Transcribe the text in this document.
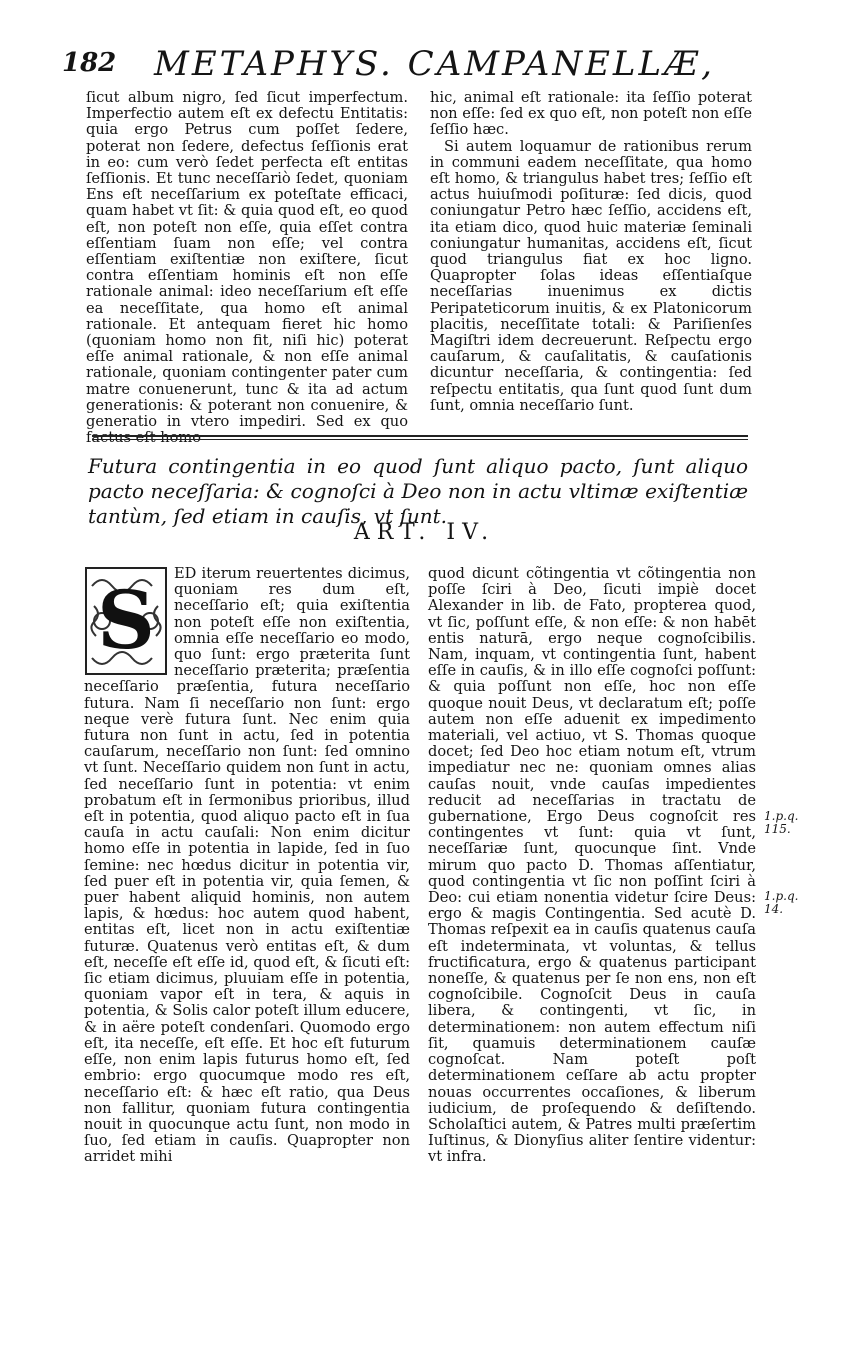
182 METAPHYS. CAMPANELLÆ,

ſicut album nigro, ſed ſicut imperfectum. Imperfectio autem eſt ex defectu Entitatis: quia ergo Petrus cum poſſet ſedere, poterat non ſedere, defectus ſeſſionis erat in eo: cum verò ſedet perfecta eſt entitas ſeſſionis. Et tunc neceſſariò ſedet, quoniam Ens eſt neceſſarium ex poteſtate efficaci, quam habet vt ſit: & quia quod eſt, eo quod eſt, non poteſt non eſſe, quia eſſet contra eſſentiam ſuam non eſſe; vel contra eſſentiam exiſtentiæ non exiſtere, ſicut contra eſſentiam hominis eſt non eſſe rationale animal: ideo neceſſarium eſt eſſe ea neceſſitate, qua homo eſt animal rationale. Et antequam fieret hic homo (quoniam homo non fit, niſi hic) poterat eſſe animal rationale, & non eſſe animal rationale, quoniam contingenter pater cum matre conuenerunt, tunc & ita ad actum generationis: & poterant non conuenire, & generatio in vtero impediri. Sed ex quo factus eſt homo

hic, animal eſt rationale: ita ſeſſio poterat non eſſe: ſed ex quo eſt, non poteſt non eſſe ſeſſio hæc.

Si autem loquamur de rationibus rerum in communi eadem neceſſitate, qua homo eſt homo, & triangulus habet tres; ſeſſio eſt actus huiuſmodi poſituræ: ſed dicis, quod coniungatur Petro hæc ſeſſio, accidens eſt, ita etiam dico, quod huic materiæ ſeminali coniungatur humanitas, accidens eſt, ſicut quod triangulus fiat ex hoc ligno. Quapropter ſolas ideas eſſentiaſque neceſſarias inuenimus ex dictis Peripateticorum inuitis, & ex Platonicorum placitis, neceſſitate totali: & Pariſienſes Magiſtri idem decreuerunt. Reſpectu ergo cauſarum, & cauſalitatis, & cauſationis dicuntur neceſſaria, & contingentia: ſed reſpectu entitatis, qua ſunt quod ſunt dum ſunt, omnia neceſſario ſunt.

Futura contingentia in eo quod ſunt aliquo pacto, ſunt aliquo pacto neceſſaria: & cognoſci à Deo non in actu vltimæ exiſtentiæ tantùm, ſed etiam in cauſis, vt ſunt.
ART. IV.
S	ED iterum reuertentes dicimus, quoniam res dum eſt, neceſſario eſt; quia exiſtentia non poteſt eſſe non exiſtentia, omnia eſſe neceſſario eo modo, quo ſunt: ergo præterita ſunt neceſſario præterita; præſentia neceſſario præſentia, futura neceſſario futura. Nam ſi neceſſario non ſunt: ergo neque verè futura ſunt. Nec enim quia futura non ſunt in actu, ſed in potentia cauſarum, neceſſario non ſunt: ſed omnino vt ſunt. Neceſſario quidem non ſunt in actu, ſed neceſſario ſunt in potentia: vt enim probatum eſt in ſermonibus prioribus, illud eſt in potentia, quod aliquo pacto eſt in ſua cauſa in actu cauſali: Non enim dicitur homo eſſe in potentia in lapide, ſed in ſuo ſemine: nec hœdus dicitur in potentia vir, ſed puer eſt in potentia vir, quia ſemen, & puer habent aliquid hominis, non autem lapis, & hœdus: hoc autem quod habent, entitas eſt, licet non in actu exiſtentiæ futuræ. Quatenus verò entitas eſt, & dum eſt, neceſſe eſt eſſe id, quod eſt, & ſicuti eſt: ſic etiam dicimus, pluuiam eſſe in potentia, quoniam vapor eſt in tera, & aquis in potentia, & Solis calor poteſt illum educere, & in aëre poteſt condenſari. Quomodo ergo eſt, ita neceſſe, eſt eſſe. Et hoc eſt futurum eſſe, non enim lapis futurus homo eſt, ſed embrio: ergo quocumque modo res eſt, neceſſario eſt: & hæc eſt ratio, qua Deus non fallitur, quoniam futura contingentia nouit in quocunque actu ſunt, non modo in ſuo, ſed etiam in cauſis. Quapropter non arridet mihi

quod dicunt cõtingentia vt cõtingentia non poſſe ſciri à Deo, ſicuti impiè docet Alexander in lib. de Fato, propterea quod, vt ſic, poſſunt eſſe, & non eſſe: & non habēt entis naturā, ergo neque cognoſcibilis. Nam, inquam, vt contingentia ſunt, habent eſſe in cauſis, & in illo eſſe cognoſci poſſunt: & quia poſſunt non eſſe, hoc non eſſe quoque nouit Deus, vt declaratum eſt; poſſe autem non eſſe aduenit ex impedimento materiali, vel actiuo, vt S. Thomas quoque docet; ſed Deo hoc etiam notum eſt, vtrum impediatur nec ne: quoniam omnes alias cauſas nouit, vnde cauſas impedientes reducit ad neceſſarias in tractatu de gubernatione, Ergo Deus cognoſcit res contingentes vt ſunt: quia vt ſunt, neceſſariæ ſunt, quocunque ſint. Vnde mirum quo pacto D. Thomas aſſentiatur, quod contingentia vt ſic non poſſint ſciri à Deo: cui etiam nonentia videtur ſcire Deus: ergo & magis Contingentia. Sed acutè D. Thomas reſpexit ea in cauſis quatenus cauſa eſt indeterminata, vt voluntas, & tellus fructificatura, ergo & quatenus participant noneſſe, & quatenus per ſe non ens, non eſt cognoſcibile. Cognoſcit Deus in cauſa libera, & contingenti, vt ſic, in determinationem: non autem effectum niſi ſit, quamuis determinationem cauſæ cognoſcat. Nam poteſt poſt determinationem ceſſare ab actu propter nouas occurrentes occaſiones, & liberum iudicium, de proſequendo & deſiſtendo. Scholaſtici autem, & Patres multi præſertim Iuſtinus, & Dionyſius aliter ſentire videntur: vt infra.

1.p.q. 115.
1.p.q. 14.
